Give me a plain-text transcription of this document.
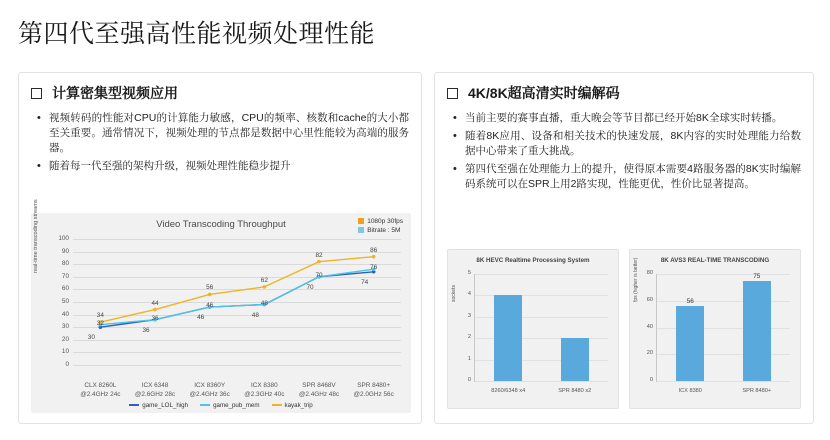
第四代至强高性能视频处理性能
计算密集型视频应用
• 视频转码的性能对CPU的计算能力敏感，CPU的频率、核数和cache的大小都至关重要。通常情况下，视频处理的节点都是数据中心里性能较为高端的服务器。
• 随着每一代至强的架构升级，视频处理性能稳步提升
Video Transcoding Throughput	1080p 30fps
Bitrate : 5M
real-time transcoding streams
0
10
20
30
40
50
60
70
80
90
100
CLX 8260L
@2.4GHz 24c
ICX 6348
@2.6GHz 28c
ICX 8360Y
@2.4GHz 36c
ICX 8380
@2.3GHz 40c
SPR 8468V
@2.4GHz 48c
SPR 8480+
@2.0GHz 56c
30
36
46	48
70
74
32
36
46	48
70
76
34
44
56
62
82
86
game_LOL_high	game_pub_mem	kayak_trip
4K/8K超高清实时编解码
• 当前主要的赛事直播，重大晚会等节目都已经开始8K全球实时转播。
• 随着8K应用、设备和相关技术的快速发展，8K内容的实时处理能力给数据中心带来了重大挑战。
• 第四代至强在处理能力上的提升，使得原本需要4路服务器的8K实时编解码系统可以在SPR上用2路实现，性能更优，性价比显著提高。
8K HEVC Realtime Processing System
sockets
0
1
2
3
4
5
8260/6348 x4	SPR 8480 x2
8K AVS3 REAL-TIME TRANSCODING
fps (higher is better)
0
20
40
60
80
56
ICX 8380
75
SPR 8480+
